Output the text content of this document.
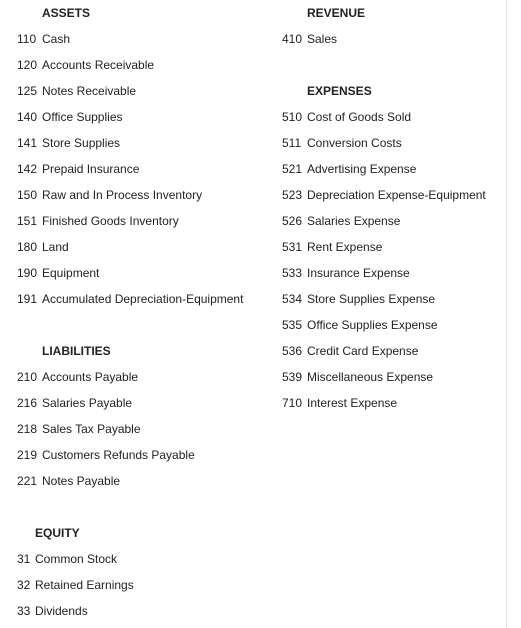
ASSETS
110 Cash
120 Accounts Receivable
125 Notes Receivable
140 Office Supplies
141 Store Supplies
142 Prepaid Insurance
150 Raw and In Process Inventory
151 Finished Goods Inventory
180 Land
190 Equipment
191 Accumulated Depreciation-Equipment
LIABILITIES
210 Accounts Payable
216 Salaries Payable
218 Sales Tax Payable
219 Customers Refunds Payable
221 Notes Payable
EQUITY
31 Common Stock
32 Retained Earnings
33 Dividends
REVENUE
410 Sales
EXPENSES
510 Cost of Goods Sold
511 Conversion Costs
521 Advertising Expense
523 Depreciation Expense-Equipment
526 Salaries Expense
531 Rent Expense
533 Insurance Expense
534 Store Supplies Expense
535 Office Supplies Expense
536 Credit Card Expense
539 Miscellaneous Expense
710 Interest Expense
